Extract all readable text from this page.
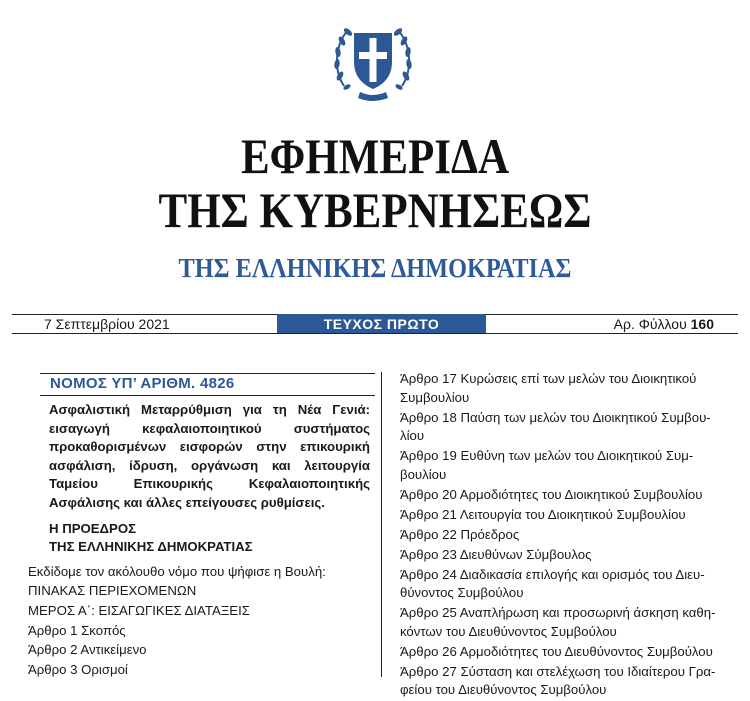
ΕΦΗΜΕΡΙΔΑ
ΤΗΣ ΚΥΒΕΡΝΗΣΕΩΣ
ΤΗΣ ΕΛΛΗΝΙΚΗΣ ΔΗΜΟΚΡΑΤΙΑΣ
7 Σεπτεμβρίου 2021	ΤΕΥΧΟΣ ΠΡΩΤΟ	Αρ. Φύλλου 160
ΝΟΜΟΣ ΥΠ’ ΑΡΙΘΜ. 4826
Ασφαλιστική Μεταρρύθμιση για τη Νέα Γενιά: εισαγωγή κεφαλαιοποιητικού συστήματος προκαθορισμένων εισφορών στην επικουρική ασφάλιση, ίδρυση, οργάνωση και λειτουργία Ταμείου Επικουρικής Κεφαλαιοποιητικής Ασφάλισης και άλλες επείγουσες ρυθμίσεις.
Η ΠΡΟΕΔΡΟΣ
ΤΗΣ ΕΛΛΗΝΙΚΗΣ ΔΗΜΟΚΡΑΤΙΑΣ
Εκδίδομε τον ακόλουθο νόμο που ψήφισε η Βουλή:
ΠΙΝΑΚΑΣ ΠΕΡΙΕΧΟΜΕΝΩΝ
ΜΕΡΟΣ Α΄: ΕΙΣΑΓΩΓΙΚΕΣ ΔΙΑΤΑΞΕΙΣ
Άρθρο 1 Σκοπός
Άρθρο 2 Αντικείμενο
Άρθρο 3 Ορισμοί
Άρθρο 17 Κυρώσεις επί των μελών του Διοικητικού
Συμβουλίου
Άρθρο 18 Παύση των μελών του Διοικητικού Συμβου-
λίου
Άρθρο 19 Ευθύνη των μελών του Διοικητικού Συμ-
βουλίου
Άρθρο 20 Αρμοδιότητες του Διοικητικού Συμβουλίου
Άρθρο 21 Λειτουργία του Διοικητικού Συμβουλίου
Άρθρο 22 Πρόεδρος
Άρθρο 23 Διευθύνων Σύμβουλος
Άρθρο 24 Διαδικασία επιλογής και ορισμός του Διευ-
θύνοντος Συμβούλου
Άρθρο 25 Αναπλήρωση και προσωρινή άσκηση καθη-
κόντων του Διευθύνοντος Συμβούλου
Άρθρο 26 Αρμοδιότητες του Διευθύνοντος Συμβούλου
Άρθρο 27 Σύσταση και στελέχωση του Ιδιαίτερου Γρα-
φείου του Διευθύνοντος Συμβούλου
